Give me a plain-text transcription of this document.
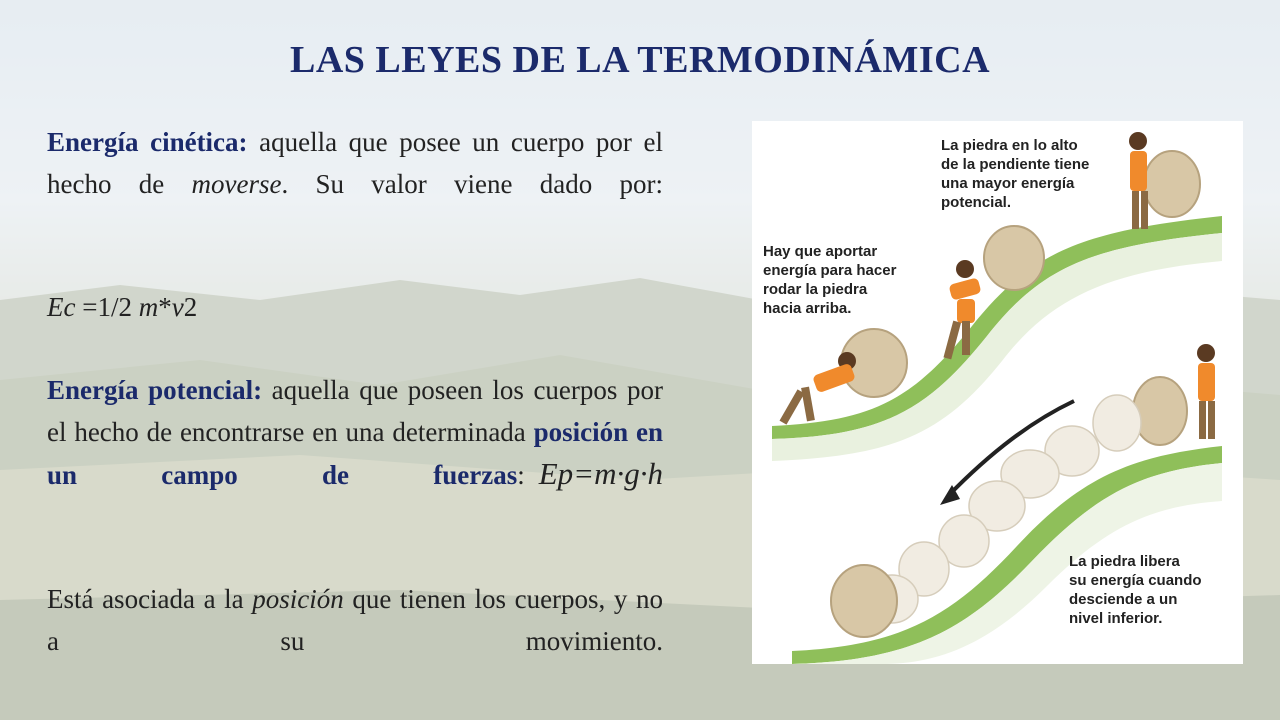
LAS LEYES DE LA TERMODINÁMICA
Energía cinética: aquella que posee un cuerpo por el hecho de moverse. Su valor viene dado por:
Ec =1/2 m*v2
Energía potencial: aquella que poseen los cuerpos por el hecho de encontrarse en una determinada posición en un campo de fuerzas: Ep=m·g·h
Está asociada a la posición que tienen los cuerpos, y no a su movimiento.
La piedra en lo alto
de la pendiente tiene
una mayor energía
potencial.
Hay que aportar
energía para hacer
rodar la piedra
hacia arriba.
La piedra libera
su energía cuando
desciende a un
nivel inferior.
